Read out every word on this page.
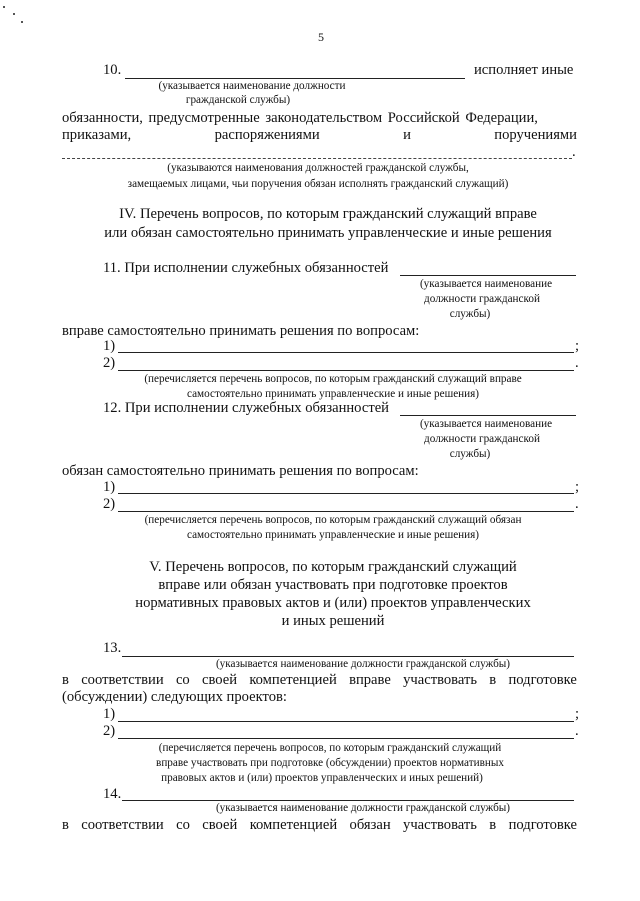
5
10.	исполняет иные
(указывается наименование должности
гражданской службы)
обязанности, предусмотренные законодательством Российской Федерации,
приказами,	распоряжениями	и	поручениями
.
(указываются наименования должностей гражданской службы,
замещаемых лицами, чьи поручения обязан исполнять гражданский служащий)
IV. Перечень вопросов, по которым гражданский служащий вправе
или обязан самостоятельно принимать управленческие и иные решения
11. При исполнении служебных обязанностей
(указывается наименование
должности гражданской
службы)
вправе самостоятельно принимать решения по вопросам:
1)	;
2)	.
(перечисляется перечень вопросов, по которым гражданский служащий вправе
самостоятельно принимать управленческие и иные решения)
12. При исполнении служебных обязанностей
(указывается наименование
должности гражданской
службы)
обязан самостоятельно принимать решения по вопросам:
1)	;
2)	.
(перечисляется перечень вопросов, по которым гражданский служащий обязан
самостоятельно принимать управленческие и иные решения)
V. Перечень вопросов, по которым гражданский служащий
вправе или обязан участвовать при подготовке проектов
нормативных правовых актов и (или) проектов управленческих
и иных решений
13.
(указывается наименование должности гражданской службы)
в соответствии со своей компетенцией вправе участвовать в подготовке
(обсуждении) следующих проектов:
1)	;
2)	.
(перечисляется перечень вопросов, по которым гражданский служащий
вправе участвовать при подготовке (обсуждении) проектов нормативных
правовых актов и (или) проектов управленческих и иных решений)
14.
(указывается наименование должности гражданской службы)
в соответствии со своей компетенцией обязан участвовать в подготовке
